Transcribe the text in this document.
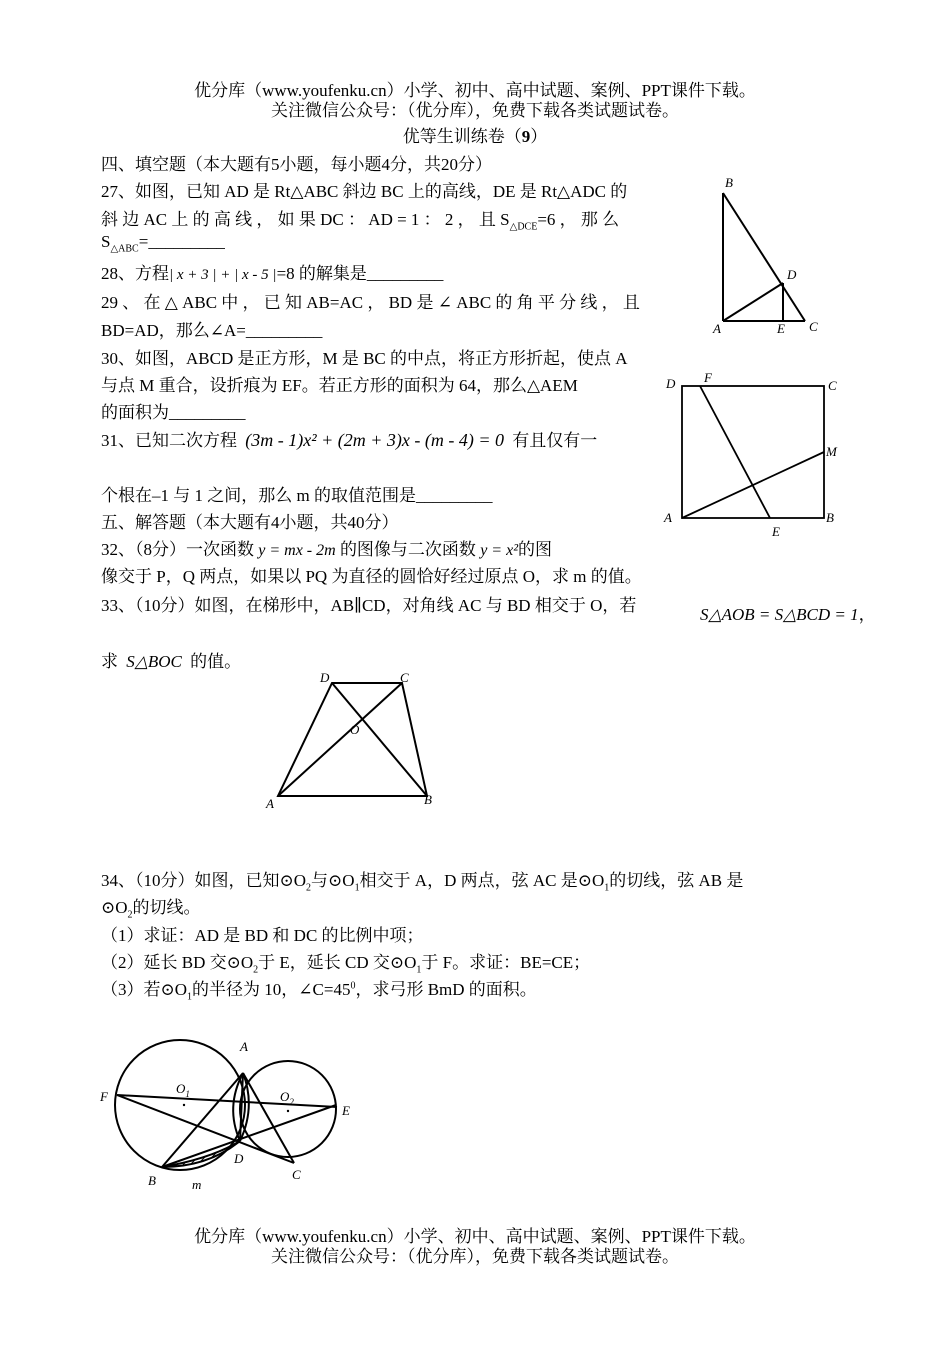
优分库（www.youfenku.cn）小学、初中、高中试题、案例、PPT课件下载。
关注微信公众号：（优分库），免费下载各类试题试卷。
优等生训练卷（9）
四、填空题（本大题有5小题，每小题4分，共20分）
27、如图，已知 AD 是 Rt△ABC 斜边 BC 上的高线，DE 是 Rt△ADC 的
斜 边 AC 上 的 高 线 ， 如 果 DC ： AD = 1 ： 2 ， 且 $S_{\triangle DCE}=6$ ， 那 么
$S_{\triangle ABC}=\_\_\_\_\_\_\_\_\_$
28、方程| x + 3 | + | x - 5 |=8 的解集是_________
29 、 在 △ ABC 中 ， 已 知 AB=AC ， BD 是 ∠ ABC 的 角 平 分 线 ， 且
BD=AD，那么∠A=_________
30、如图，ABCD 是正方形，M 是 BC 的中点，将正方形折起，使点 A
与点 M 重合，设折痕为 EF。若正方形的面积为 64，那么△AEM
的面积为_________
31、已知二次方程 (3m - 1)x² + (2m + 3)x - (m - 4) = 0 有且仅有一
个根在–1 与 1 之间，那么 m 的取值范围是_________
五、解答题（本大题有4小题，共40分）
32、（8分）一次函数 y = mx - 2m 的图像与二次函数 y = x²的图
像交于 P，Q 两点，如果以 PQ 为直径的圆恰好经过原点 O，求 m 的值。
33、（10分）如图，在梯形中，AB∥CD，对角线 AC 与 BD 相交于 O，若	S△AOB = S△BCD = 1，
求 S△BOC 的值。
34、（10分）如图，已知$⊙O_2$与$⊙O_1$相交于 A，D 两点，弦 AC 是$⊙O_1$的切线，弦 AB 是
$⊙O_2$的切线。
（1）求证：AD 是 BD 和 DC 的比例中项；
（2）延长 BD 交$⊙O_2$于 E，延长 CD 交$⊙O_1$于 F。求证：BE=CE；
（3）若$⊙O_1$的半径为 10，$\angle C=45^0$，求弓形 BmD 的面积。
B
D
A	E C
D F
C
M
A	B
E
D	C
O
A	B
A
F
$O_1$	$O_2$
E
D
B	m
C
优分库（www.youfenku.cn）小学、初中、高中试题、案例、PPT课件下载。
关注微信公众号：（优分库），免费下载各类试题试卷。
